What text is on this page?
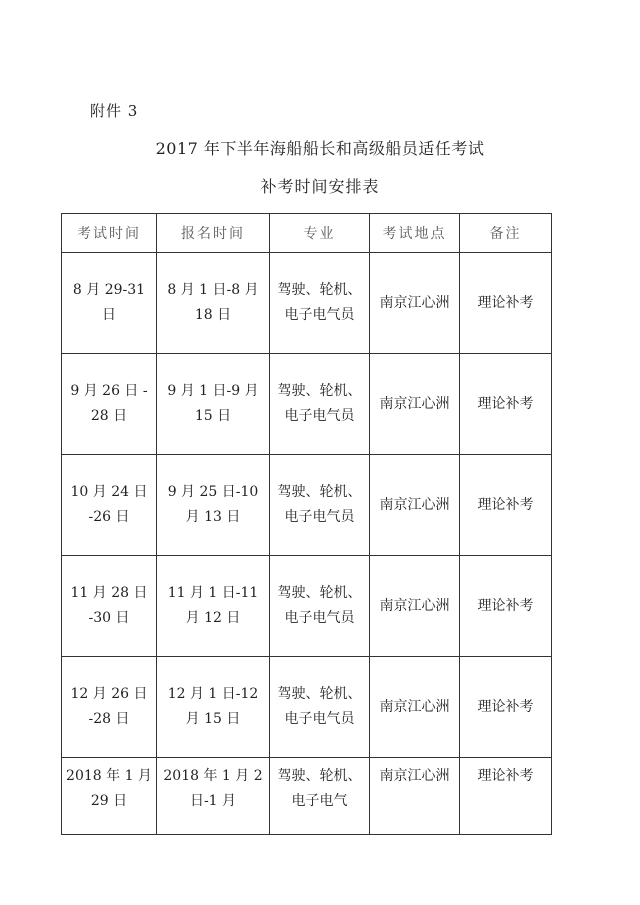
附件 3
2017 年下半年海船船长和高级船员适任考试
补考时间安排表
考试时间	报名时间	专业	考试地点	备注
8 月 29-31 日	8 月 1 日-8 月 18 日	驾驶、轮机、电子电气员	南京江心洲	理论补考
9 月 26 日 -28 日	9 月 1 日-9 月 15 日	驾驶、轮机、电子电气员	南京江心洲	理论补考
10 月 24 日 -26 日	9 月 25 日-10 月 13 日	驾驶、轮机、电子电气员	南京江心洲	理论补考
11 月 28 日 -30 日	11 月 1 日-11 月 12 日	驾驶、轮机、电子电气员	南京江心洲	理论补考
12 月 26 日 -28 日	12 月 1 日-12 月 15 日	驾驶、轮机、电子电气员	南京江心洲	理论补考
2018 年 1 月 29 日	2018 年 1 月 2 日-1 月	驾驶、轮机、电子电气	南京江心洲	理论补考
